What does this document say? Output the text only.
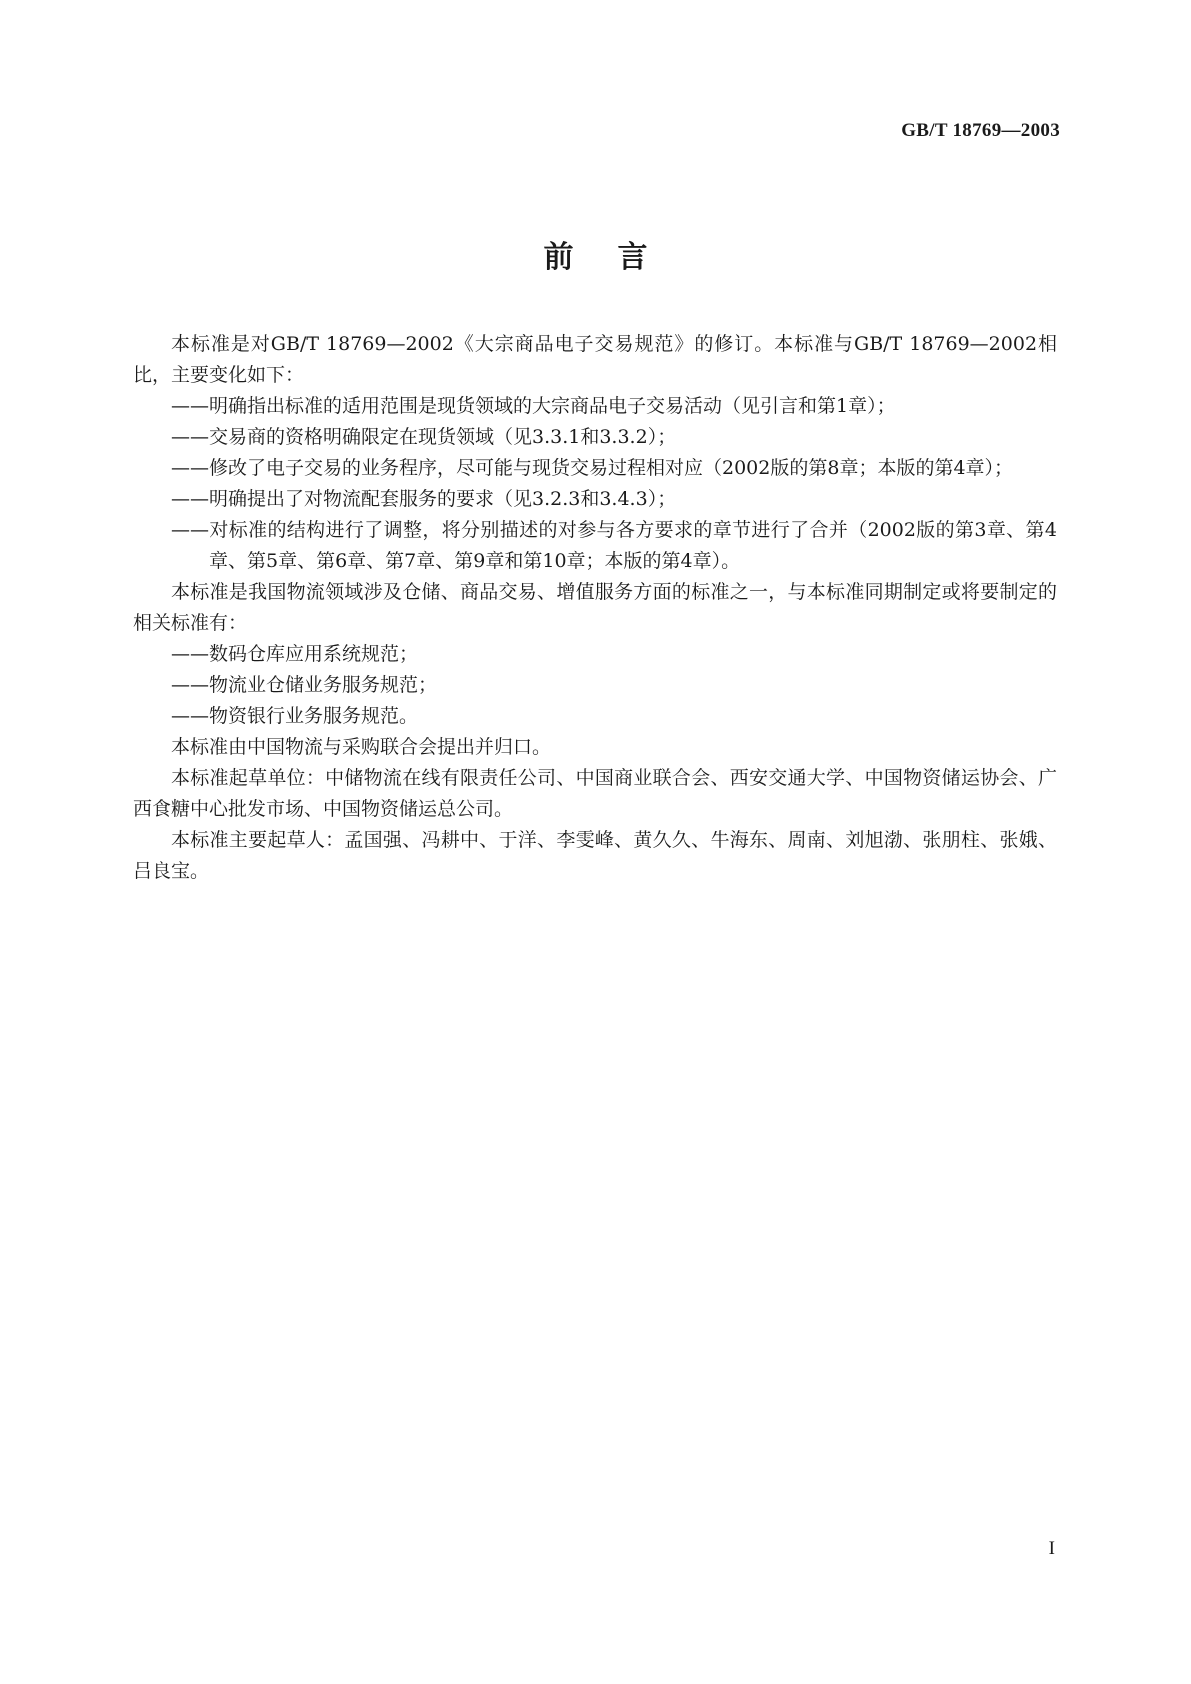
GB/T 18769—2003
前言

本标准是对GB/T 18769—2002《大宗商品电子交易规范》的修订。本标准与GB/T 18769—2002相比，主要变化如下：

——明确指出标准的适用范围是现货领域的大宗商品电子交易活动（见引言和第1章）；

——交易商的资格明确限定在现货领域（见3.3.1和3.3.2）；

——修改了电子交易的业务程序，尽可能与现货交易过程相对应（2002版的第8章；本版的第4章）；

——明确提出了对物流配套服务的要求（见3.2.3和3.4.3）；

——对标准的结构进行了调整，将分别描述的对参与各方要求的章节进行了合并（2002版的第3章、第4章、第5章、第6章、第7章、第9章和第10章；本版的第4章）。

本标准是我国物流领域涉及仓储、商品交易、增值服务方面的标准之一，与本标准同期制定或将要制定的相关标准有：

——数码仓库应用系统规范；

——物流业仓储业务服务规范；

——物资银行业务服务规范。

本标准由中国物流与采购联合会提出并归口。

本标准起草单位：中储物流在线有限责任公司、中国商业联合会、西安交通大学、中国物资储运协会、广西食糖中心批发市场、中国物资储运总公司。

本标准主要起草人：孟国强、冯耕中、于洋、李雯峰、黄久久、牛海东、周南、刘旭渤、张朋柱、张娥、吕良宝。

I
